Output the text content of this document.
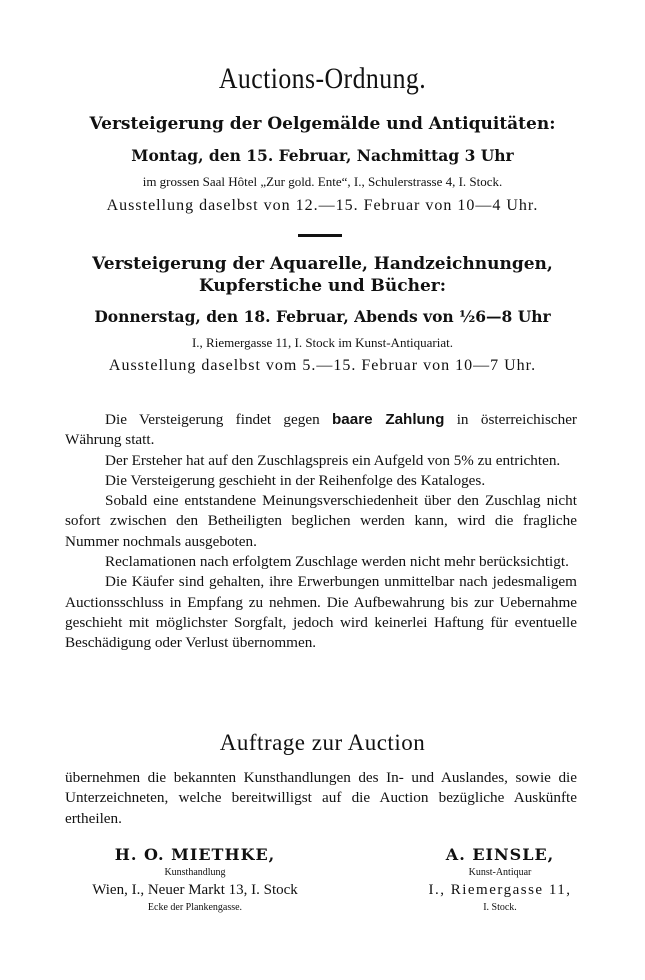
Auctions-Ordnung.
Versteigerung der Oelgemälde und Antiquitäten:
Montag, den 15. Februar, Nachmittag 3 Uhr
im grossen Saal Hôtel „Zur gold. Ente“, I., Schulerstrasse 4, I. Stock.
Ausstellung daselbst von 12.—15. Februar von 10—4 Uhr.
Versteigerung der Aquarelle, Handzeichnungen,
Kupferstiche und Bücher:
Donnerstag, den 18. Februar, Abends von ½6—8 Uhr
I., Riemergasse 11, I. Stock im Kunst-Antiquariat.
Ausstellung daselbst vom 5.—15. Februar von 10—7 Uhr.

Die Versteigerung findet gegen baare Zahlung in österreichischer Währung statt.

Der Ersteher hat auf den Zuschlagspreis ein Aufgeld von 5% zu entrichten.

Die Versteigerung geschieht in der Reihenfolge des Kataloges.

Sobald eine entstandene Meinungsverschiedenheit über den Zuschlag nicht sofort zwischen den Betheiligten beglichen werden kann, wird die fragliche Nummer nochmals ausgeboten.

Reclamationen nach erfolgtem Zuschlage werden nicht mehr berücksichtigt.

Die Käufer sind gehalten, ihre Erwerbungen unmittelbar nach jedesmaligem Auctionsschluss in Empfang zu nehmen. Die Aufbewahrung bis zur Uebernahme geschieht mit möglichster Sorgfalt, jedoch wird keinerlei Haftung für eventuelle Beschädigung oder Verlust übernommen.

Auftrage zur Auction
übernehmen die bekannten Kunsthandlungen des In- und Auslandes, sowie die Unterzeichneten, welche bereitwilligst auf die Auction bezügliche Auskünfte ertheilen.
H. O. MIETHKE,
Kunsthandlung
Wien, I., Neuer Markt 13, I. Stock
Ecke der Plankengasse.
A. EINSLE,
Kunst-Antiquar
I., Riemergasse 11,
I. Stock.
